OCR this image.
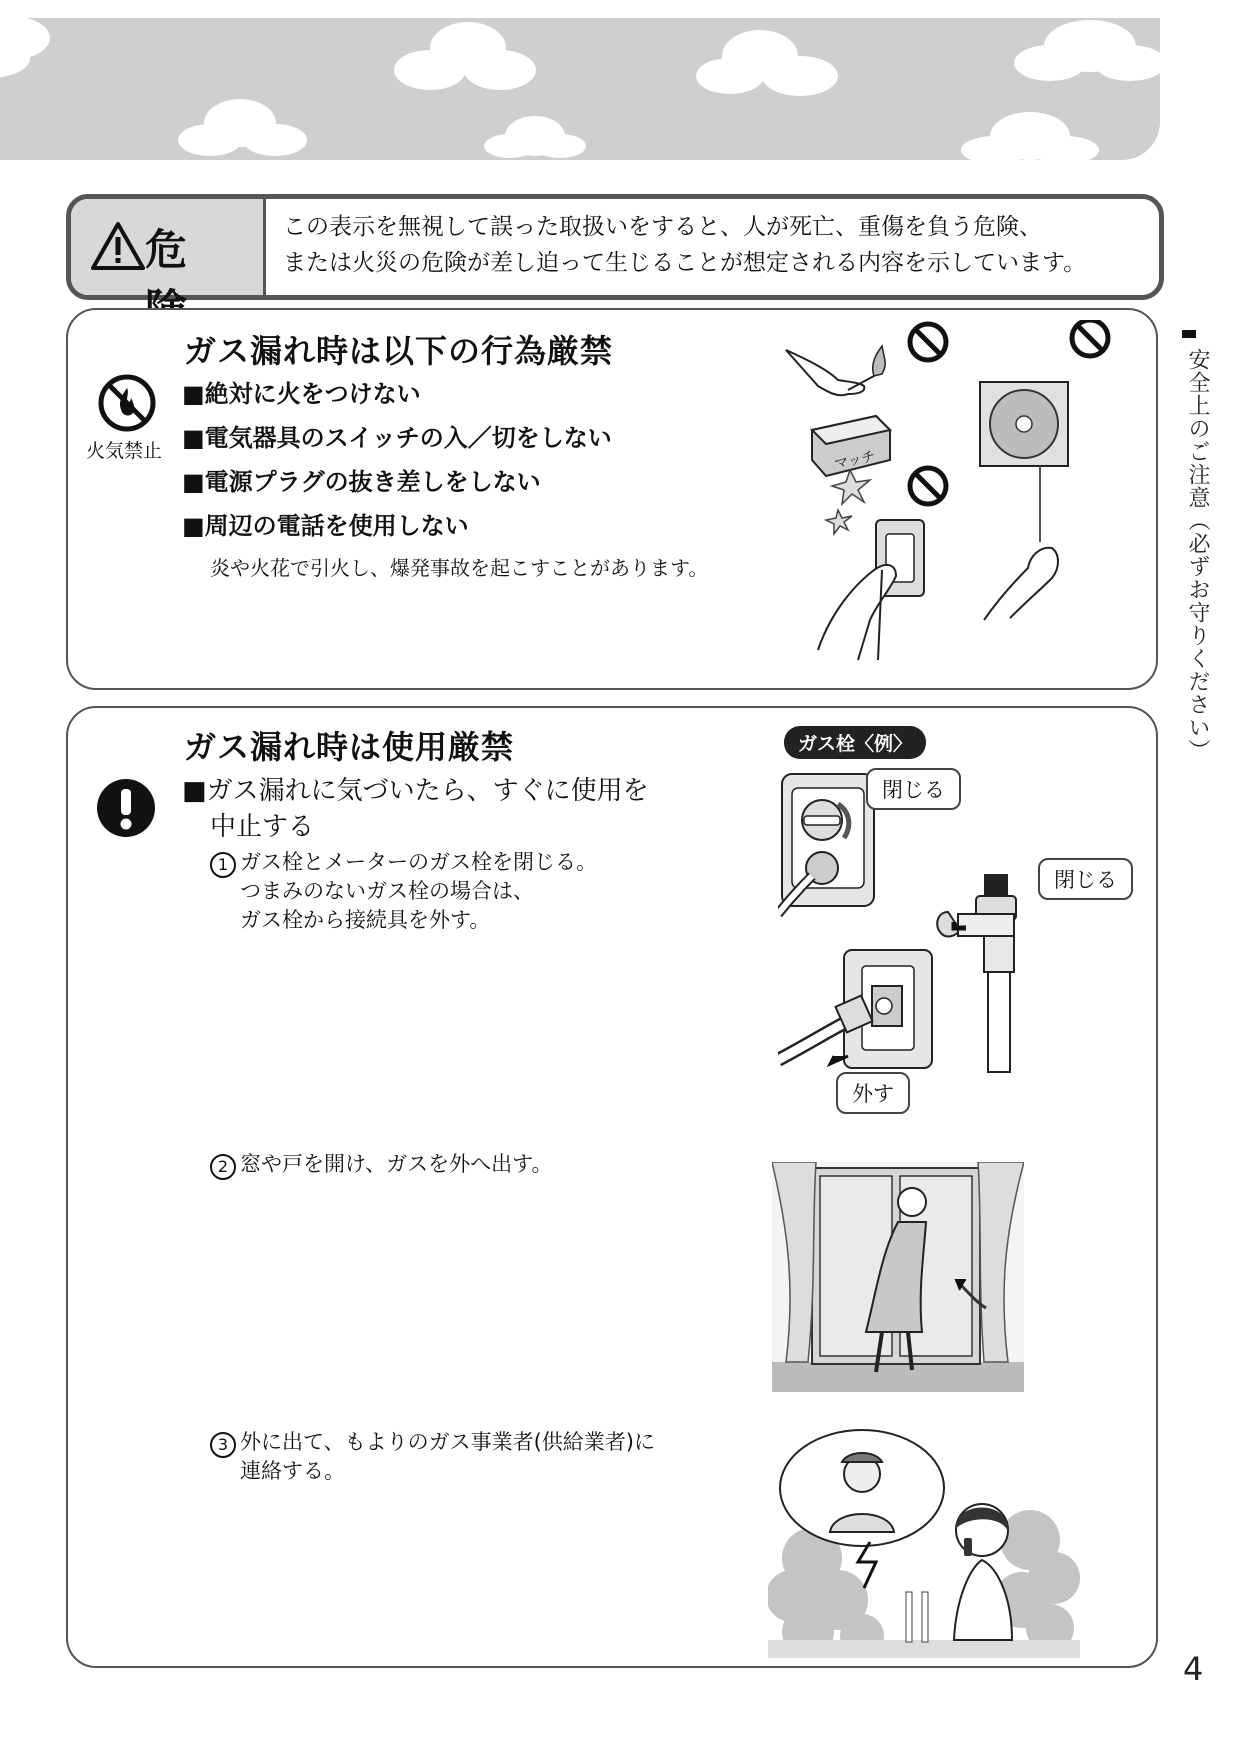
危	この表示を無視して誤った取扱いをすると、人が死亡、重傷を負う危険、
または火災の危険が差し迫って生じることが想定される内容を示しています。
ガス漏れ時は以下の行為厳禁
火気禁止
■絶対に火をつけない
■電気器具のスイッチの入／切をしない
■電源プラグの抜き差しをしない
■周辺の電話を使用しない
炎や火花で引火し、爆発事故を起こすことがあります。
マッチ
ガス漏れ時は使用厳禁
■ガス漏れに気づいたら、すぐに使用を
中止する
1 ガス栓とメーターのガス栓を閉じる。
つまみのないガス栓の場合は、
ガス栓から接続具を外す。
2 窓や戸を開け、ガスを外へ出す。
3 外に出て、もよりのガス事業者(供給業者)に
連絡する。
ガス栓〈例〉
閉じる
閉じる
外す
安全上のご注意（必ずお守りください）
4
